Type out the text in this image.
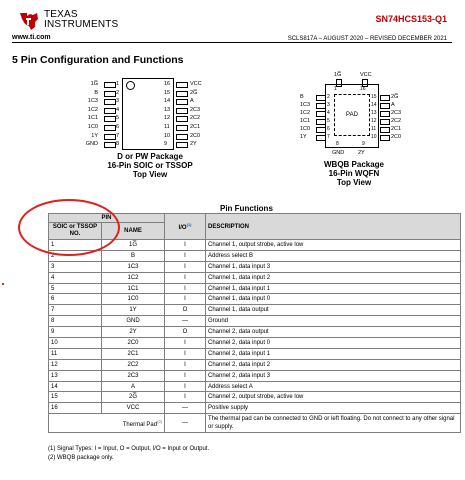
TEXAS
INSTRUMENTS
www.ti.com
SN74HCS153-Q1
SCLS817A – AUGUST 2020 – REVISED DECEMBER 2021
5 Pin Configuration and Functions
1G̅	1
B	2
1C3	3
1C2	4
1C1	5
1C0	6
1Y	7
GND	8
16	VCC
15	2G̅
14	A
13	2C3
12	2C2
11	2C1
10	2C0
9	2Y
D or PW Package
16-Pin SOIC or TSSOP
Top View
PAD
1G̅
1
VCC
16
B	2
1C3	3
1C2	4
1C1	5
1C0	6
1Y	7
15	2G̅
14	A
13	2C3
12	2C2
11	2C1
10	2C0
8
GND
9
2Y
WBQB Package
16-Pin WQFN
Top View
Pin Functions
PIN		$I/O^{(1)}$	DESCRIPTION
SOIC or TSSOP NO.	NAME		
1	1G̅	I	Channel 1, output strobe, active low
2	B	I	Address select B
3	1C3	I	Channel 1, data input 3
4	1C2	I	Channel 1, data input 2
5	1C1	I	Channel 1, data input 1
6	1C0	I	Channel 1, data input 0
7	1Y	O	Channel 1, data output
8	GND	—	Ground
9	2Y	O	Channel 2, data output
10	2C0	I	Channel 2, data input 0
11	2C1	I	Channel 2, data input 1
12	2C2	I	Channel 2, data input 2
13	2C3	I	Channel 2, data input 3
14	A	I	Address select A
15	2G̅	I	Channel 2, output strobe, active low
16	VCC	—	Positive supply
Thermal Pad$^{(2)}$		—	The thermal pad can be connected to GND or left floating. Do not connect to any other signal or supply.
(1) Signal Types: I = Input, O = Output, I/O = Input or Output.
(2) WBQB package only.
